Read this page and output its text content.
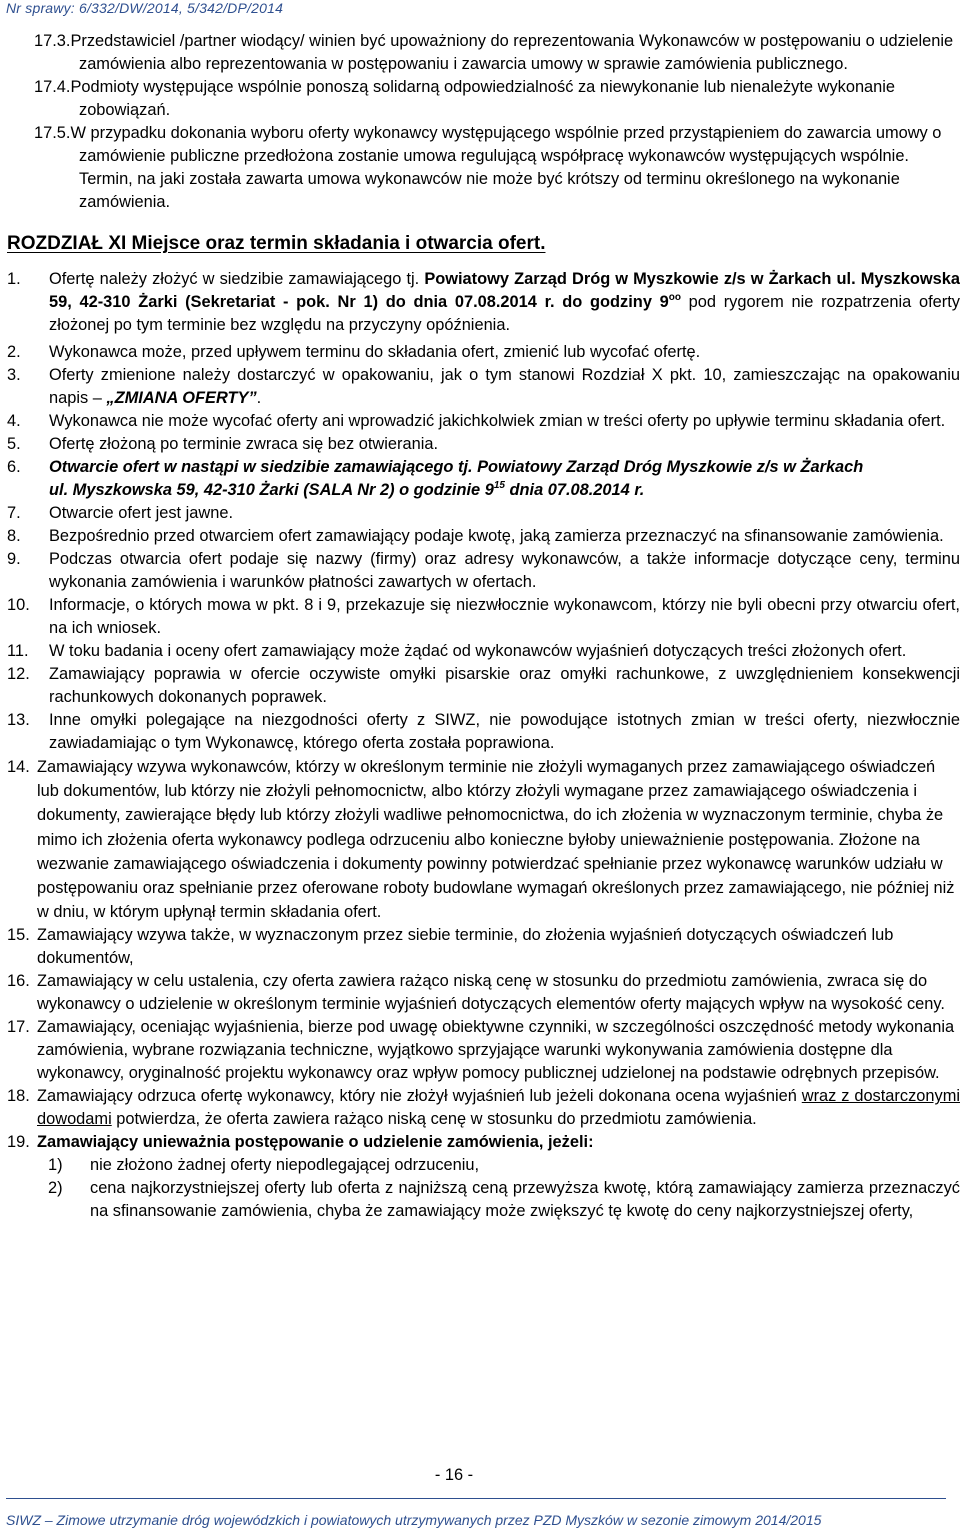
Nr sprawy: 6/332/DW/2014, 5/342/DP/2014
17.3.Przedstawiciel /partner wiodący/ winien być upoważniony do reprezentowania Wykonawców w postępowaniu o udzielenie zamówienia albo reprezentowania w postępowaniu i zawarcia umowy w sprawie zamówienia publicznego.
17.4.Podmioty występujące wspólnie ponoszą solidarną odpowiedzialność za niewykonanie lub nienależyte wykonanie zobowiązań.
17.5.W przypadku dokonania wyboru oferty wykonawcy występującego wspólnie przed przystąpieniem do zawarcia umowy o zamówienie publiczne przedłożona zostanie umowa regulującą współpracę wykonawców występujących wspólnie. Termin, na jaki została zawarta umowa wykonawców nie może być krótszy od terminu określonego na wykonanie zamówienia.
ROZDZIAŁ XI Miejsce oraz termin składania i otwarcia ofert.
1. Ofertę należy złożyć w siedzibie zamawiającego tj. Powiatowy Zarząd Dróg w Myszkowie z/s w Żarkach ul. Myszkowska 59, 42-310 Żarki (Sekretariat - pok. Nr 1) do dnia 07.08.2014 r. do godziny $9^{oo}$ pod rygorem nie rozpatrzenia oferty złożonej po tym terminie bez względu na przyczyny opóźnienia.
2. Wykonawca może, przed upływem terminu do składania ofert, zmienić lub wycofać ofertę.
3. Oferty zmienione należy dostarczyć w opakowaniu, jak o tym stanowi Rozdział X pkt. 10, zamieszczając na opakowaniu napis – „ZMIANA OFERTY”.
4. Wykonawca nie może wycofać oferty ani wprowadzić jakichkolwiek zmian w treści oferty po upływie terminu składania ofert.
5. Ofertę złożoną po terminie zwraca się bez otwierania.
6. Otwarcie ofert w nastąpi w siedzibie zamawiającego tj. Powiatowy Zarząd Dróg Myszkowie z/s w Żarkach ul. Myszkowska 59, 42-310 Żarki (SALA Nr 2) o godzinie $9^{15}$ dnia 07.08.2014 r.
7. Otwarcie ofert jest jawne.
8. Bezpośrednio przed otwarciem ofert zamawiający podaje kwotę, jaką zamierza przeznaczyć na sfinansowanie zamówienia.
9. Podczas otwarcia ofert podaje się nazwy (firmy) oraz adresy wykonawców, a także informacje dotyczące ceny, terminu wykonania zamówienia i warunków płatności zawartych w ofertach.
10. Informacje, o których mowa w pkt. 8 i 9, przekazuje się niezwłocznie wykonawcom, którzy nie byli obecni przy otwarciu ofert, na ich wniosek.
11. W toku badania i oceny ofert zamawiający może żądać od wykonawców wyjaśnień dotyczących treści złożonych ofert.
12. Zamawiający poprawia w ofercie oczywiste omyłki pisarskie oraz omyłki rachunkowe, z uwzględnieniem konsekwencji rachunkowych dokonanych poprawek.
13. Inne omyłki polegające na niezgodności oferty z SIWZ, nie powodujące istotnych zmian w treści oferty, niezwłocznie zawiadamiając o tym Wykonawcę, którego oferta została poprawiona.
14. Zamawiający wzywa wykonawców, którzy w określonym terminie nie złożyli wymaganych przez zamawiającego oświadczeń lub dokumentów, lub którzy nie złożyli pełnomocnictw, albo którzy złożyli wymagane przez zamawiającego oświadczenia i dokumenty, zawierające błędy lub którzy złożyli wadliwe pełnomocnictwa, do ich złożenia w wyznaczonym terminie, chyba że mimo ich złożenia oferta wykonawcy podlega odrzuceniu albo konieczne byłoby unieważnienie postępowania. Złożone na wezwanie zamawiającego oświadczenia i dokumenty powinny potwierdzać spełnianie przez wykonawcę warunków udziału w postępowaniu oraz spełnianie przez oferowane roboty budowlane wymagań określonych przez zamawiającego, nie później niż w dniu, w którym upłynął termin składania ofert.
15. Zamawiający wzywa także, w wyznaczonym przez siebie terminie, do złożenia wyjaśnień dotyczących oświadczeń lub dokumentów,
16. Zamawiający w celu ustalenia, czy oferta zawiera rażąco niską cenę w stosunku do przedmiotu zamówienia, zwraca się do wykonawcy o udzielenie w określonym terminie wyjaśnień dotyczących elementów oferty mających wpływ na wysokość ceny.
17. Zamawiający, oceniając wyjaśnienia, bierze pod uwagę obiektywne czynniki, w szczególności oszczędność metody wykonania zamówienia, wybrane rozwiązania techniczne, wyjątkowo sprzyjające warunki wykonywania zamówienia dostępne dla wykonawcy, oryginalność projektu wykonawcy oraz wpływ pomocy publicznej udzielonej na podstawie odrębnych przepisów.
18. Zamawiający odrzuca ofertę wykonawcy, który nie złożył wyjaśnień lub jeżeli dokonana ocena wyjaśnień wraz z dostarczonymi dowodami potwierdza, że oferta zawiera rażąco niską cenę w stosunku do przedmiotu zamówienia.
19. Zamawiający unieważnia postępowanie o udzielenie zamówienia, jeżeli:
1) nie złożono żadnej oferty niepodlegającej odrzuceniu,
2) cena najkorzystniejszej oferty lub oferta z najniższą ceną przewyższa kwotę, którą zamawiający zamierza przeznaczyć na sfinansowanie zamówienia, chyba że zamawiający może zwiększyć tę kwotę do ceny najkorzystniejszej oferty,
- 16 -
SIWZ – Zimowe utrzymanie dróg wojewódzkich i powiatowych utrzymywanych przez PZD Myszków w sezonie zimowym 2014/2015
